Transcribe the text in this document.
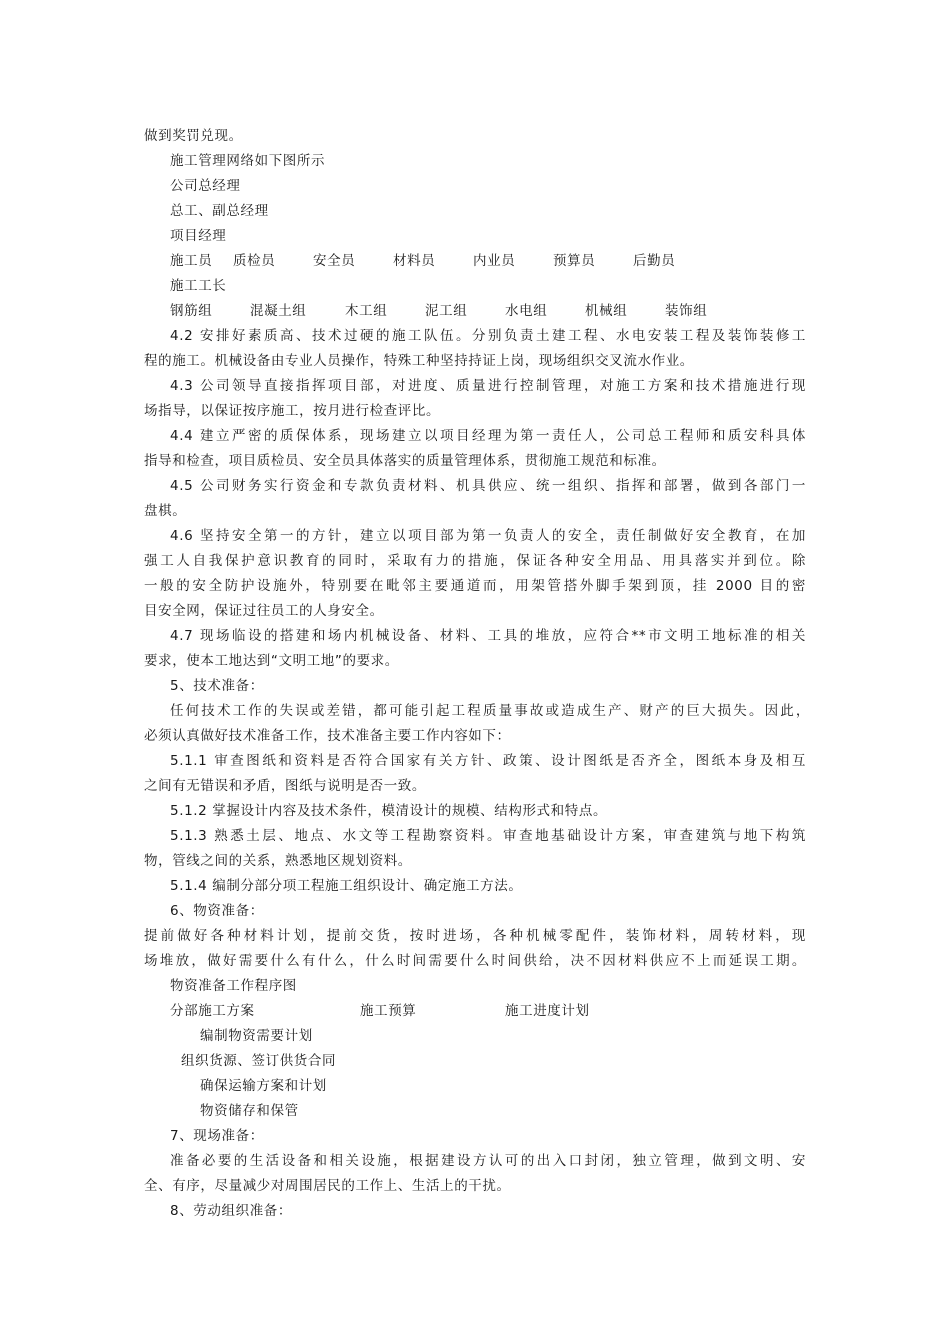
做到奖罚兑现。
施工管理网络如下图所示
公司总经理
总工、副总经理
项目经理
施工员 质检员	安全员	材料员	内业员	预算员	后勤员
施工工长
钢筋组	混凝土组	木工组	泥工组	水电组	机械组	装饰组
4.2 安排好素质高、技术过硬的施工队伍。分别负责土建工程、水电安装工程及装饰装修工
程的施工。机械设备由专业人员操作，特殊工种坚持持证上岗，现场组织交叉流水作业。
4.3 公司领导直接指挥项目部，对进度、质量进行控制管理，对施工方案和技术措施进行现
场指导，以保证按序施工，按月进行检查评比。
4.4 建立严密的质保体系，现场建立以项目经理为第一责任人，公司总工程师和质安科具体
指导和检查，项目质检员、安全员具体落实的质量管理体系，贯彻施工规范和标准。
4.5 公司财务实行资金和专款负责材料、机具供应、统一组织、指挥和部署，做到各部门一
盘棋。
4.6 坚持安全第一的方针，建立以项目部为第一负责人的安全，责任制做好安全教育，在加
强工人自我保护意识教育的同时，采取有力的措施，保证各种安全用品、用具落实并到位。除
一般的安全防护设施外，特别要在毗邻主要通道而，用架管搭外脚手架到顶，挂 2000 目的密
目安全网，保证过往员工的人身安全。
4.7 现场临设的搭建和场内机械设备、材料、工具的堆放，应符合**市文明工地标准的相关
要求，使本工地达到“文明工地”的要求。
5、技术准备：
任何技术工作的失误或差错，都可能引起工程质量事故或造成生产、财产的巨大损失。因此，
必须认真做好技术准备工作，技术准备主要工作内容如下：
5.1.1 审查图纸和资料是否符合国家有关方针、政策、设计图纸是否齐全，图纸本身及相互
之间有无错误和矛盾，图纸与说明是否一致。
5.1.2 掌握设计内容及技术条件，模清设计的规模、结构形式和特点。
5.1.3 熟悉土层、地点、水文等工程勘察资料。审查地基础设计方案，审查建筑与地下构筑
物，管线之间的关系，熟悉地区规划资料。
5.1.4 编制分部分项工程施工组织设计、确定施工方法。
6、物资准备：
提前做好各种材料计划，提前交货，按时进场，各种机械零配件，装饰材料，周转材料，现
场堆放，做好需要什么有什么，什么时间需要什么时间供给，决不因材料供应不上而延误工期。
物资准备工作程序图
分部施工方案	施工预算	施工进度计划
编制物资需要计划
组织货源、签订供货合同
确保运输方案和计划
物资储存和保管
7、现场准备：
准备必要的生活设备和相关设施，根据建设方认可的出入口封闭，独立管理，做到文明、安
全、有序，尽量减少对周围居民的工作上、生活上的干扰。
8、劳动组织准备：
